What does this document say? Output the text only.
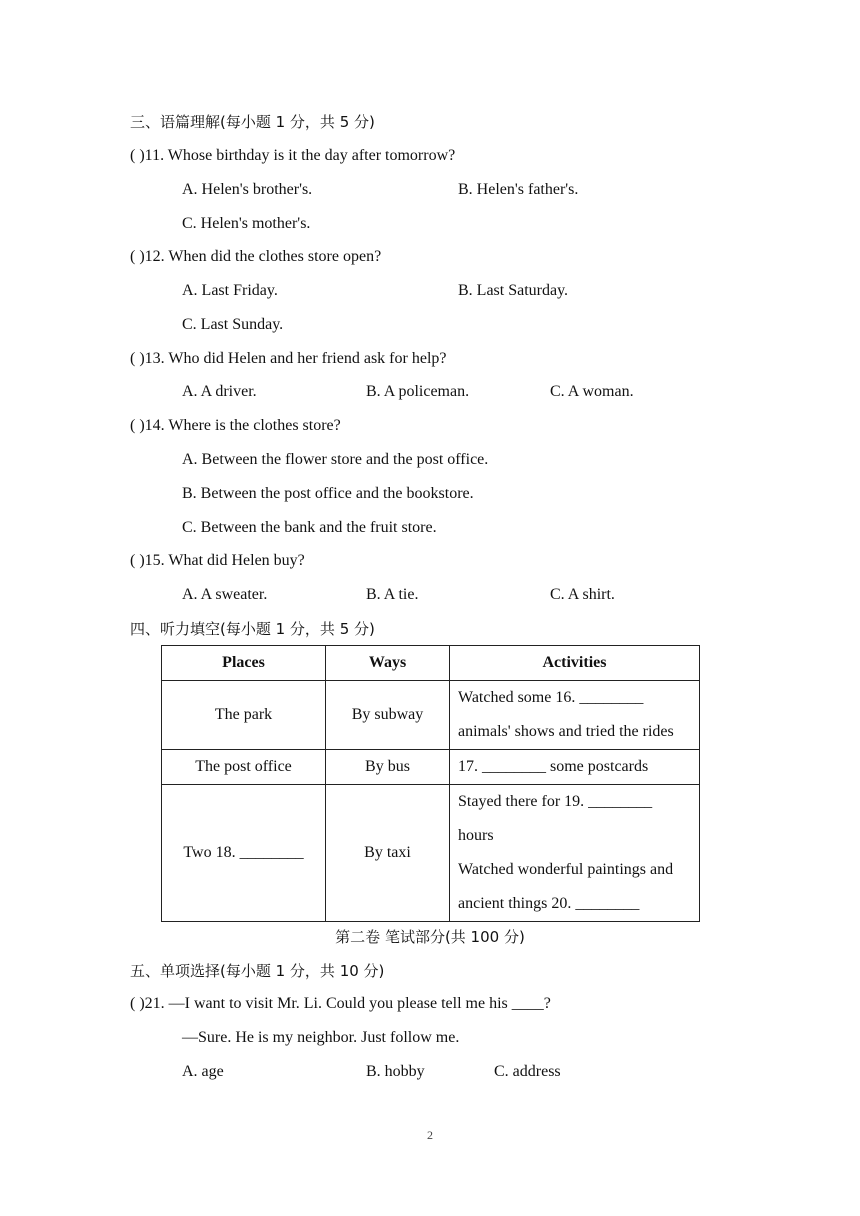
三、语篇理解(每小题 1 分，共 5 分)
( )11. Whose birthday is it the day after tomorrow?
A. Helen's brother's.	B. Helen's father's.
C. Helen's mother's.
( )12. When did the clothes store open?
A. Last Friday.	B. Last Saturday.
C. Last Sunday.
( )13. Who did Helen and her friend ask for help?
A. A driver.	B. A policeman.	C. A woman.
( )14. Where is the clothes store?
A. Between the flower store and the post office.
B. Between the post office and the bookstore.
C. Between the bank and the fruit store.
( )15. What did Helen buy?
A. A sweater.	B. A tie.	C. A shirt.
四、听力填空(每小题 1 分，共 5 分)
Places	Ways	Activities
The park	By subway	Watched some 16. ________
animals' shows and tried the rides

The post office	By bus	17. ________ some postcards

Two 18. ________	By taxi	Stayed there for 19. ________
hours
Watched wonderful paintings and
ancient things 20. ________
第二卷 笔试部分(共 100 分)
五、单项选择(每小题 1 分，共 10 分)
( )21. —I want to visit Mr. Li. Could you please tell me his ____?
—Sure. He is my neighbor. Just follow me.
A. age	B. hobby	C. address
2
